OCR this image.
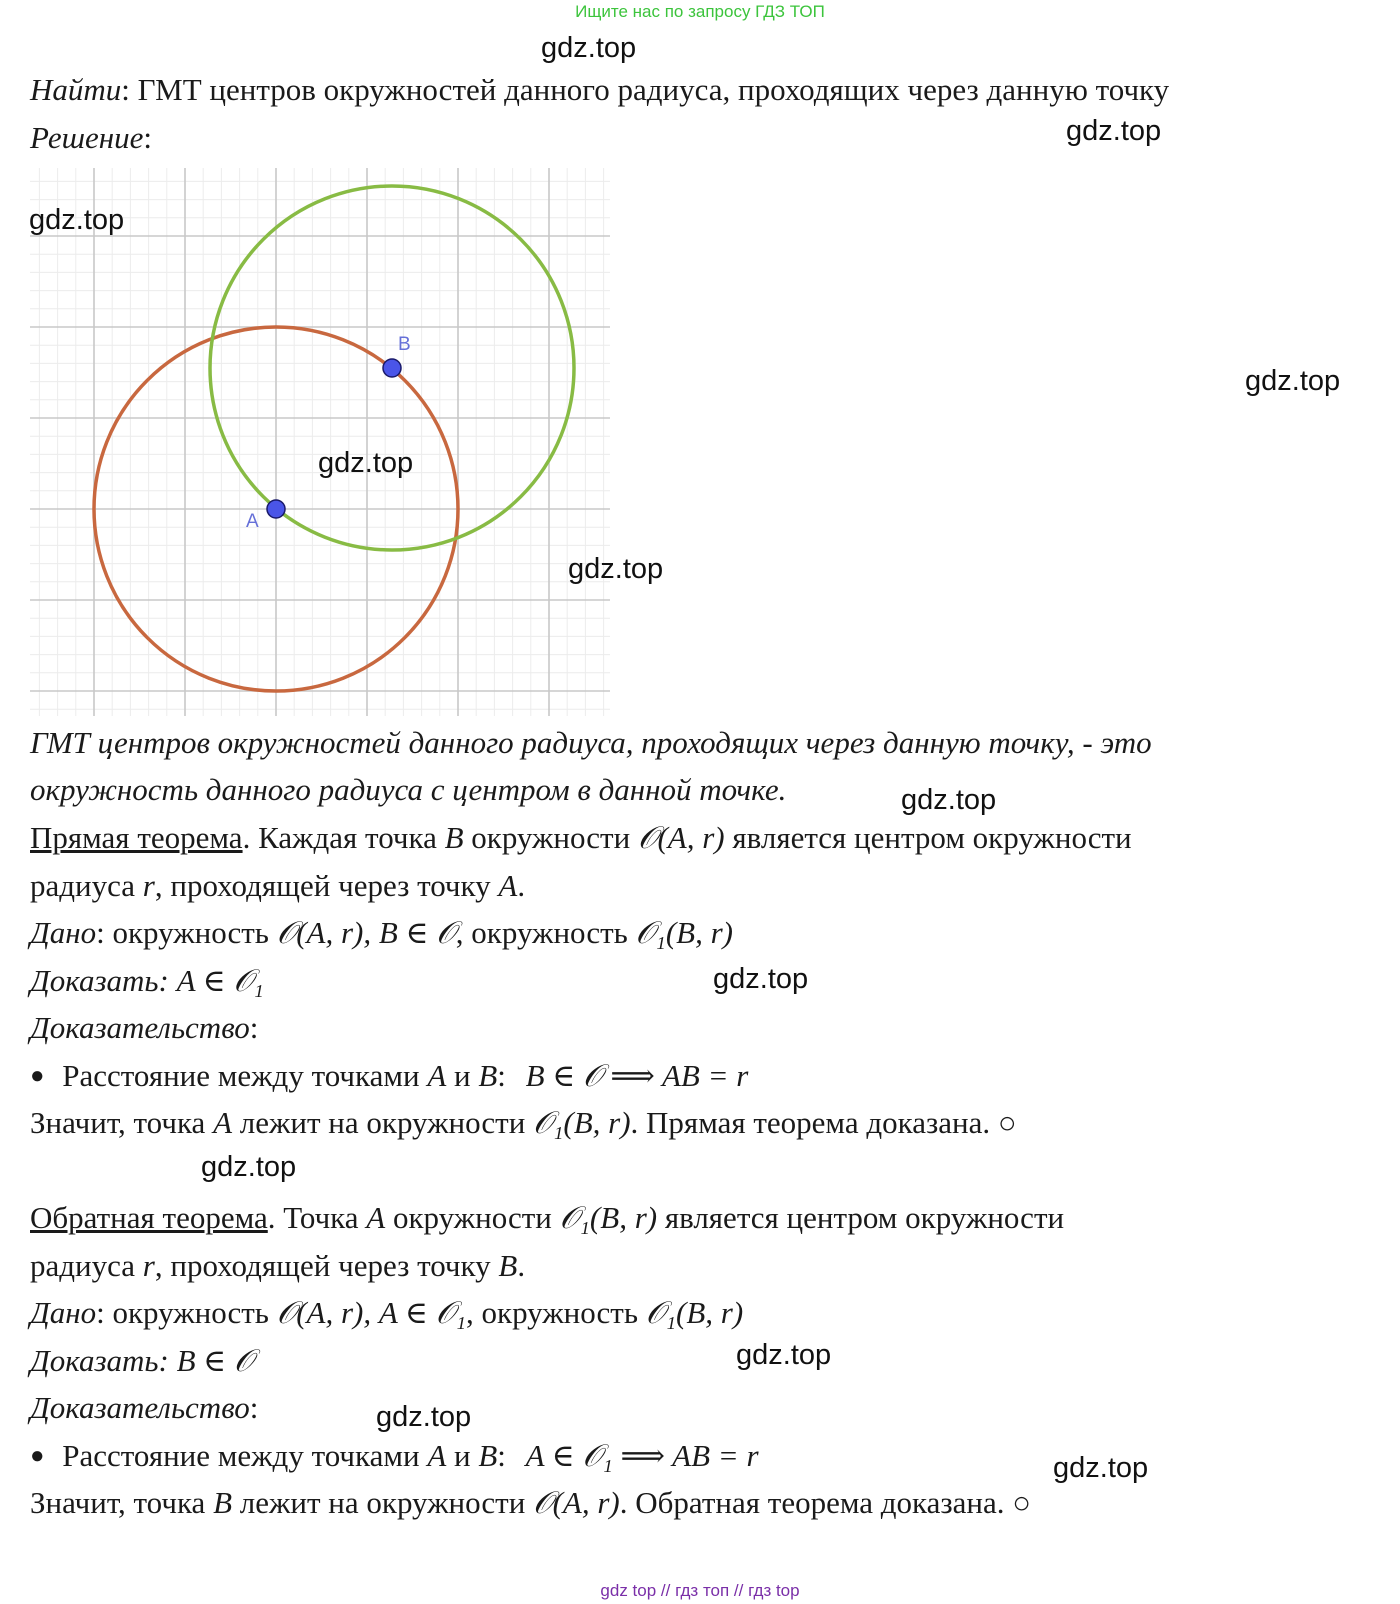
Ищите нас по запросу ГДЗ ТОП
Найти: ГМТ центров окружностей данного радиуса, проходящих через данную точку
Решение:
A
B
ГМТ центров окружностей данного радиуса, проходящих через данную точку, - это
окружность данного радиуса с центром в данной точке.
Прямая теорема. Каждая точка B окружности 𝒪(A, r) является центром окружности
радиуса r, проходящей через точку A.
Дано: окружность 𝒪(A, r), B ∈ 𝒪, окружность 𝒪₁(B, r)
Доказать: A ∈ 𝒪₁
Доказательство:
● Расстояние между точками A и B: B ∈ 𝒪 ⟹ AB = r
Значит, точка A лежит на окружности 𝒪₁(B, r). Прямая теорема доказана. ○
Обратная теорема. Точка A окружности 𝒪₁(B, r) является центром окружности
радиуса r, проходящей через точку B.
Дано: окружность 𝒪(A, r), A ∈ 𝒪₁, окружность 𝒪₁(B, r)
Доказать: B ∈ 𝒪
Доказательство:
● Расстояние между точками A и B: A ∈ 𝒪₁ ⟹ AB = r
Значит, точка B лежит на окружности 𝒪(A, r). Обратная теорема доказана. ○
gdz.top
gdz.top
gdz.top
gdz.top
gdz.top
gdz.top
gdz.top
gdz.top
gdz.top
gdz.top
gdz.top
gdz.top
gdz top // гдз топ // гдз top
